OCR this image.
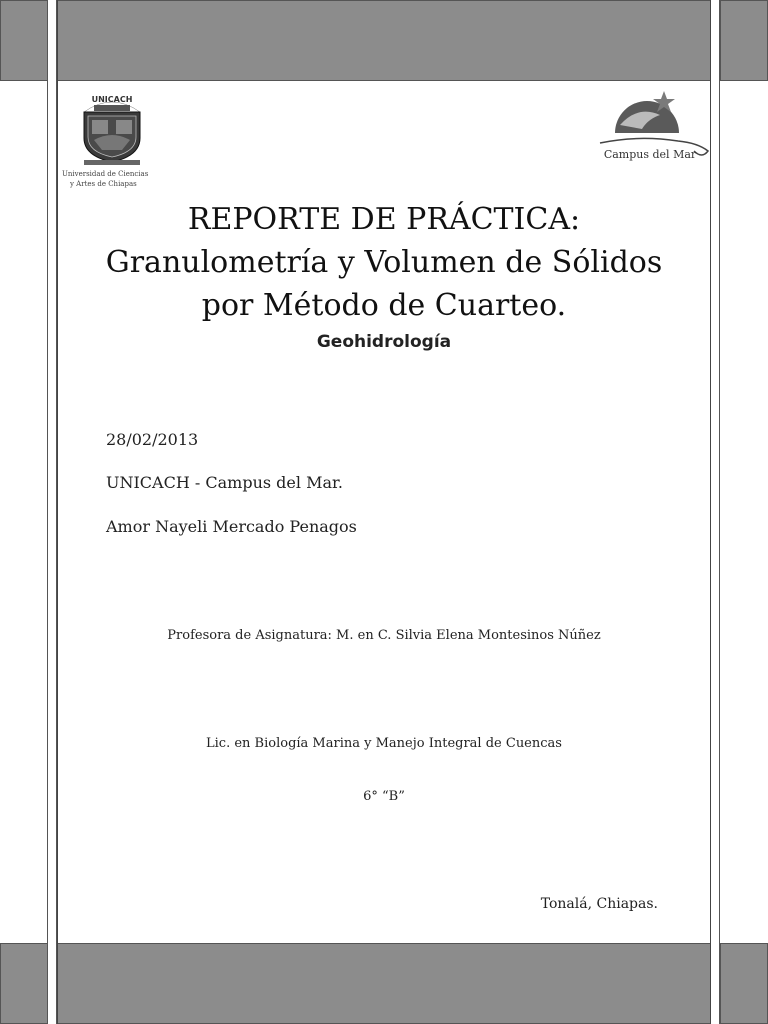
UNICACH
Universidad de Ciencias
y Artes de Chiapas
Campus del Mar
REPORTE DE PRÁCTICA:
Granulometría y Volumen de Sólidos
por Método de Cuarteo.
Geohidrología
28/02/2013
UNICACH - Campus del Mar.
Amor Nayeli Mercado Penagos
Profesora de Asignatura: M. en C. Silvia Elena Montesinos Núñez
Lic. en Biología Marina y Manejo Integral de Cuencas
6° “B”
Tonalá, Chiapas.
